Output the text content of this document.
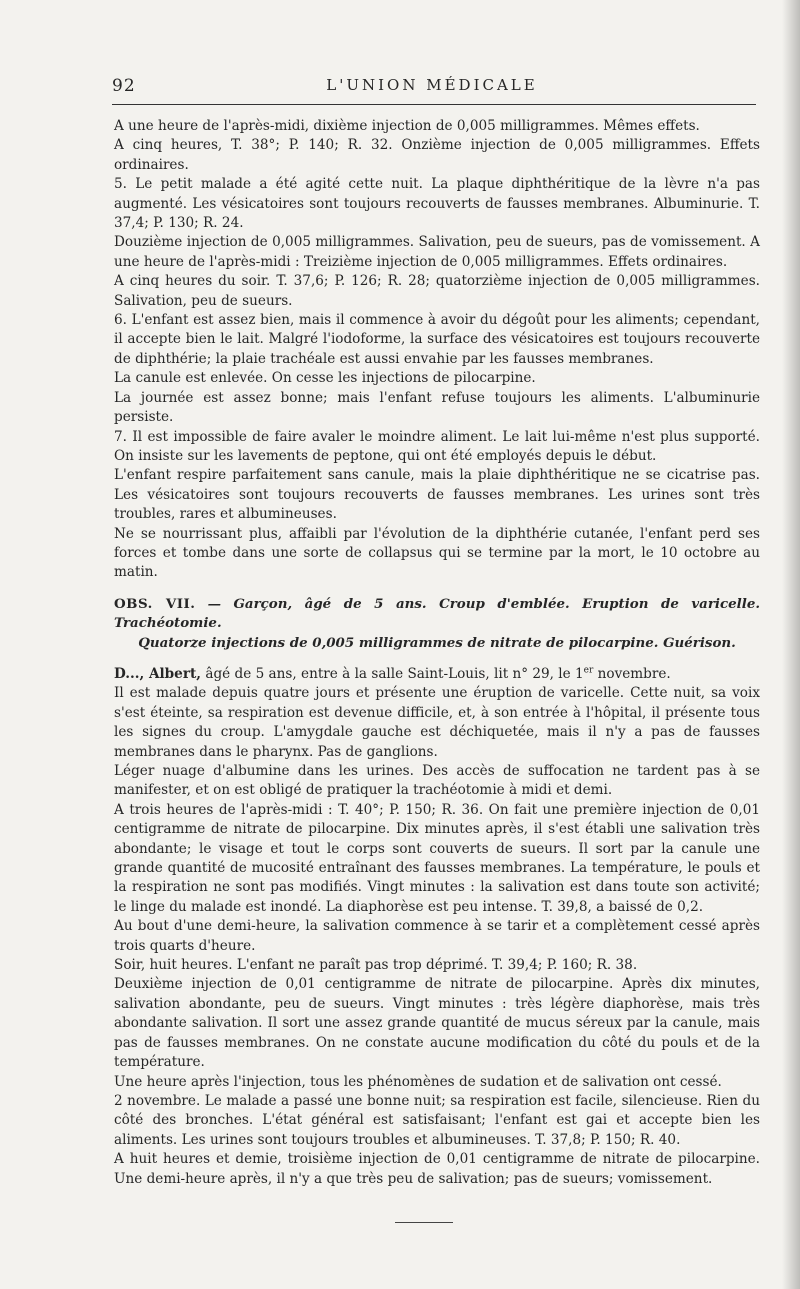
92	L'UNION MÉDICALE

A une heure de l'après-midi, dixième injection de 0,005 milligrammes. Mêmes effets.

A cinq heures, T. 38°; P. 140; R. 32. Onzième injection de 0,005 milligrammes. Effets ordinaires.

5. Le petit malade a été agité cette nuit. La plaque diphthéritique de la lèvre n'a pas augmenté. Les vésicatoires sont toujours recouverts de fausses membranes. Albuminurie. T. 37,4; P. 130; R. 24.

Douzième injection de 0,005 milligrammes. Salivation, peu de sueurs, pas de vomissement. A une heure de l'après-midi : Treizième injection de 0,005 milligrammes. Effets ordinaires.

A cinq heures du soir. T. 37,6; P. 126; R. 28; quatorzième injection de 0,005 milligrammes. Salivation, peu de sueurs.

6. L'enfant est assez bien, mais il commence à avoir du dégoût pour les aliments; cependant, il accepte bien le lait. Malgré l'iodoforme, la surface des vésicatoires est toujours recouverte de diphthérie; la plaie trachéale est aussi envahie par les fausses membranes.

La canule est enlevée. On cesse les injections de pilocarpine.

La journée est assez bonne; mais l'enfant refuse toujours les aliments. L'albuminurie persiste.

7. Il est impossible de faire avaler le moindre aliment. Le lait lui-même n'est plus supporté. On insiste sur les lavements de peptone, qui ont été employés depuis le début.

L'enfant respire parfaitement sans canule, mais la plaie diphthéritique ne se cicatrise pas. Les vésicatoires sont toujours recouverts de fausses membranes. Les urines sont très troubles, rares et albumineuses.

Ne se nourrissant plus, affaibli par l'évolution de la diphthérie cutanée, l'enfant perd ses forces et tombe dans une sorte de collapsus qui se termine par la mort, le 10 octobre au matin.

OBS. VII. — Garçon, âgé de 5 ans. Croup d'emblée. Eruption de varicelle. Trachéotomie.
Quatorze injections de 0,005 milligrammes de nitrate de pilocarpine. Guérison.

D..., Albert, âgé de 5 ans, entre à la salle Saint-Louis, lit n° 29, le 1er novembre.

Il est malade depuis quatre jours et présente une éruption de varicelle. Cette nuit, sa voix s'est éteinte, sa respiration est devenue difficile, et, à son entrée à l'hôpital, il présente tous les signes du croup. L'amygdale gauche est déchiquetée, mais il n'y a pas de fausses membranes dans le pharynx. Pas de ganglions.

Léger nuage d'albumine dans les urines. Des accès de suffocation ne tardent pas à se manifester, et on est obligé de pratiquer la trachéotomie à midi et demi.

A trois heures de l'après-midi : T. 40°; P. 150; R. 36. On fait une première injection de 0,01 centigramme de nitrate de pilocarpine. Dix minutes après, il s'est établi une salivation très abondante; le visage et tout le corps sont couverts de sueurs. Il sort par la canule une grande quantité de mucosité entraînant des fausses membranes. La température, le pouls et la respiration ne sont pas modifiés. Vingt minutes : la salivation est dans toute son activité; le linge du malade est inondé. La diaphorèse est peu intense. T. 39,8, a baissé de 0,2.

Au bout d'une demi-heure, la salivation commence à se tarir et a complètement cessé après trois quarts d'heure.

Soir, huit heures. L'enfant ne paraît pas trop déprimé. T. 39,4; P. 160; R. 38.

Deuxième injection de 0,01 centigramme de nitrate de pilocarpine. Après dix minutes, salivation abondante, peu de sueurs. Vingt minutes : très légère diaphorèse, mais très abondante salivation. Il sort une assez grande quantité de mucus séreux par la canule, mais pas de fausses membranes. On ne constate aucune modification du côté du pouls et de la température.

Une heure après l'injection, tous les phénomènes de sudation et de salivation ont cessé.

2 novembre. Le malade a passé une bonne nuit; sa respiration est facile, silencieuse. Rien du côté des bronches. L'état général est satisfaisant; l'enfant est gai et accepte bien les aliments. Les urines sont toujours troubles et albumineuses. T. 37,8; P. 150; R. 40.

A huit heures et demie, troisième injection de 0,01 centigramme de nitrate de pilocarpine. Une demi-heure après, il n'y a que très peu de salivation; pas de sueurs; vomissement.
